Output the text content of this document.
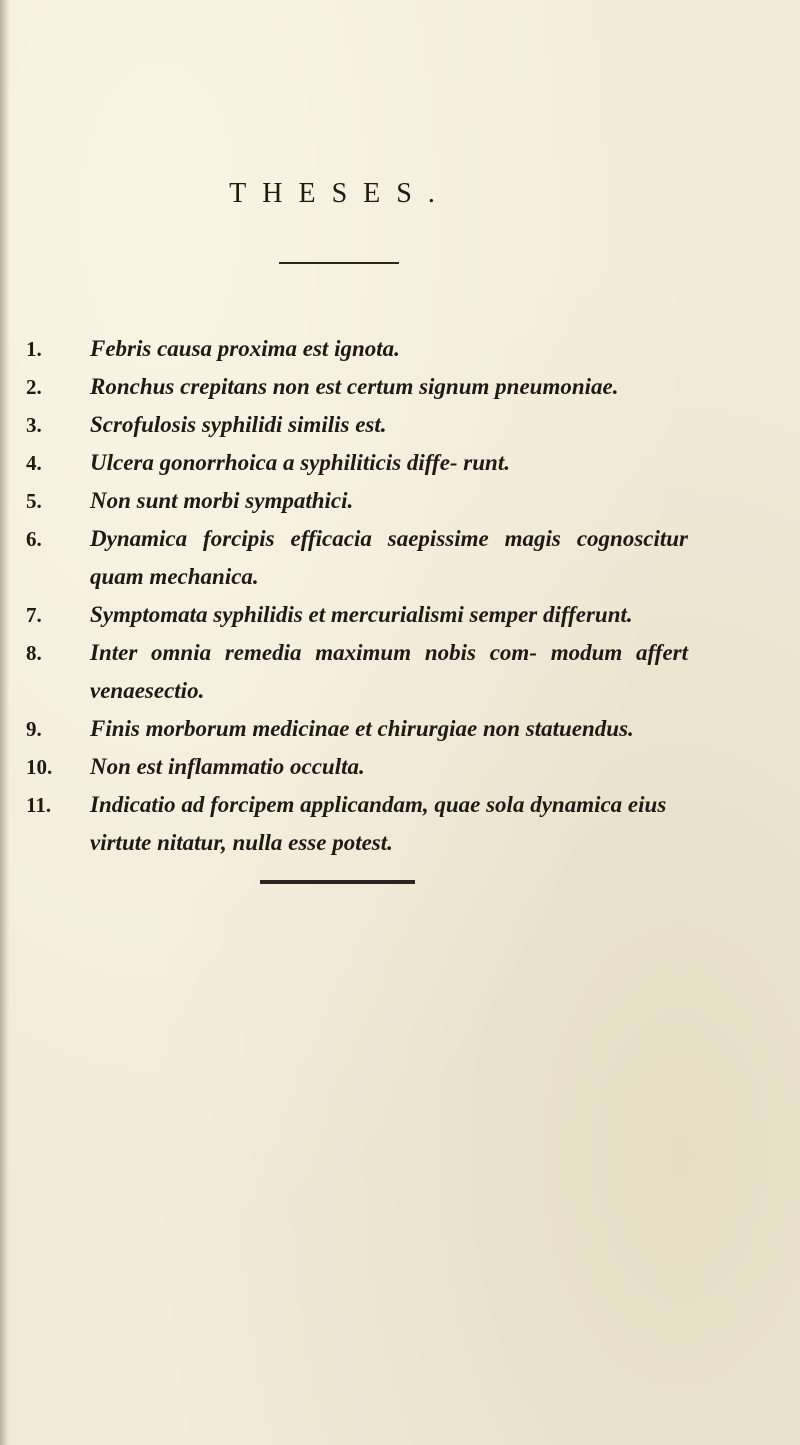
THESES.
1.	Febris causa proxima est ignota.
2.	Ronchus crepitans non est certum signum pneumoniae.
3.	Scrofulosis syphilidi similis est.
4.	Ulcera gonorrhoica a syphiliticis diffe- runt.
5.	Non sunt morbi sympathici.
6.	Dynamica forcipis efficacia saepissime magis cognoscitur quam mechanica.
7.	Symptomata syphilidis et mercurialismi semper differunt.
8.	Inter omnia remedia maximum nobis com- modum affert venaesectio.
9.	Finis morborum medicinae et chirurgiae non statuendus.
10.	Non est inflammatio occulta.
11.	Indicatio ad forcipem applicandam, quae sola dynamica eius virtute nitatur, nulla esse potest.
